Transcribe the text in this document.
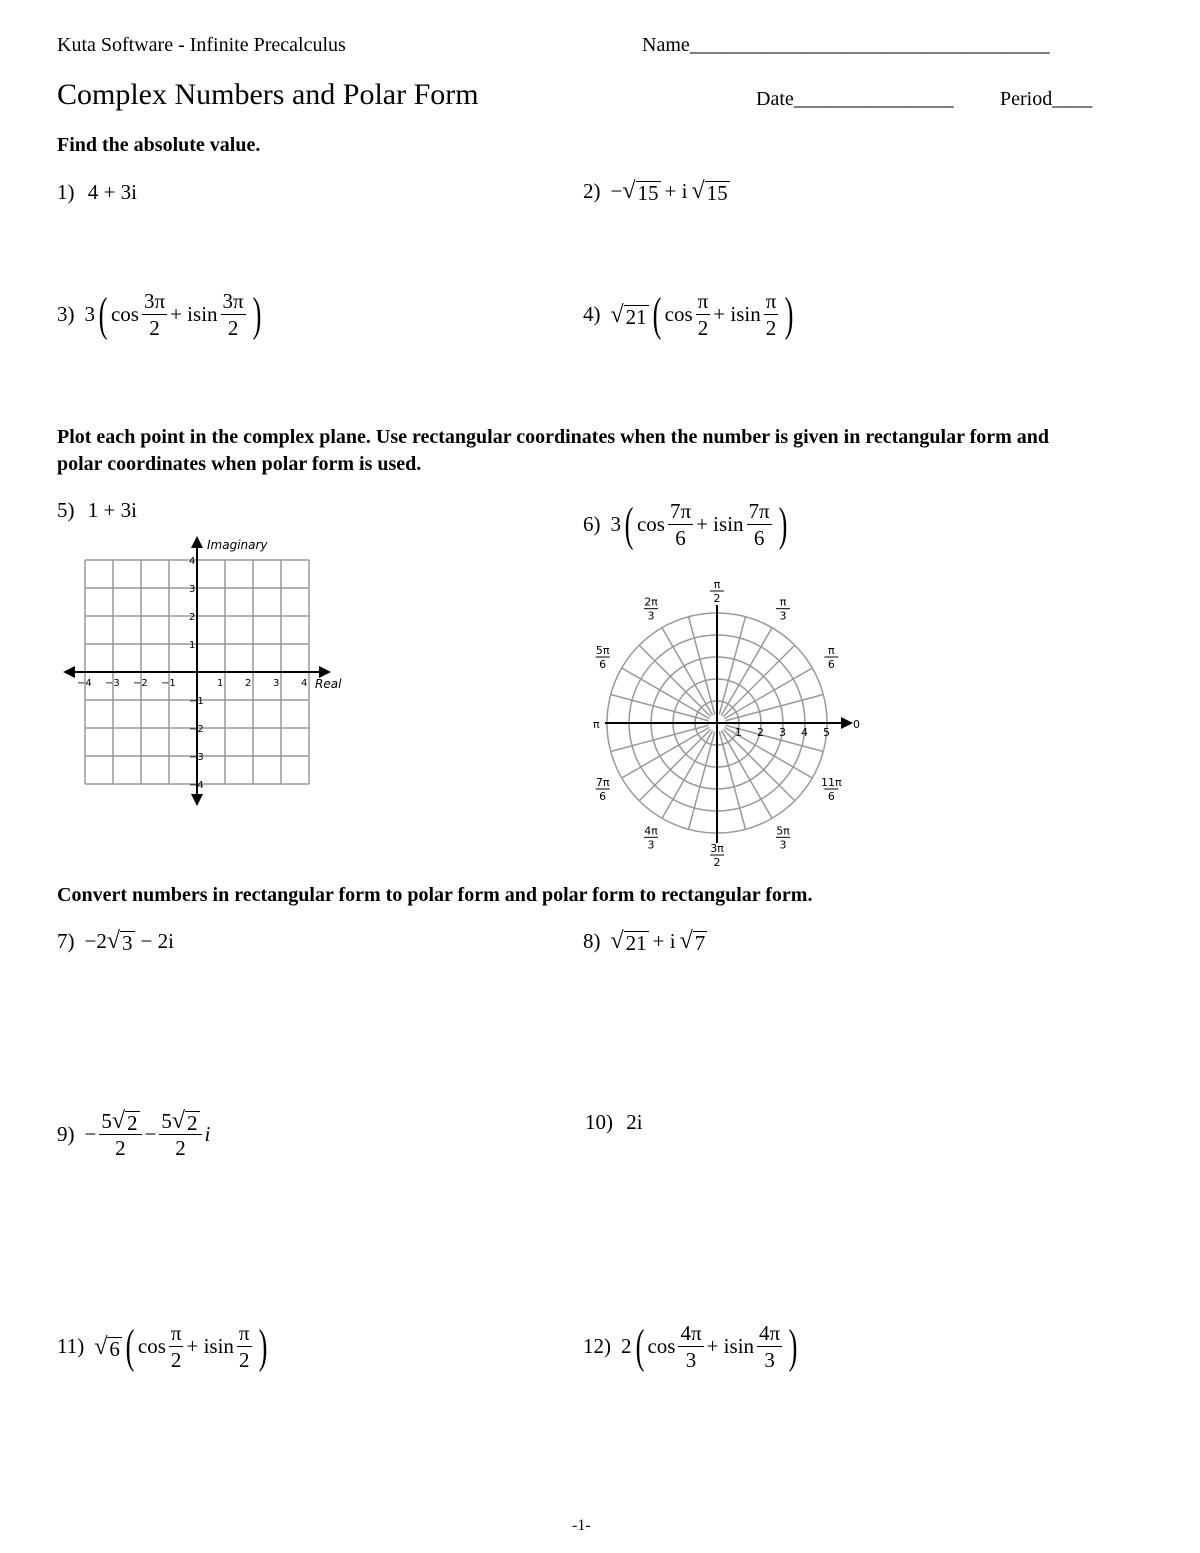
Kuta Software - Infinite Precalculus	Name____________________________________
Complex Numbers and Polar Form	Date________________ Period____
Find the absolute value.
1) 4 + 3i	2) − √ 15 + i √ 15
3) 3 ( $\cos \frac{3\pi}{2} + isin \frac{3\pi}{2}$ )	4) √ 21 ( $\cos \frac{\pi}{2} + isin \frac{\pi}{2}$ )
Plot each point in the complex plane. Use rectangular coordinates when the number is given in rectangular form and polar coordinates when polar form is used.
5) 1 + 3i
6) 3 ( $\cos \frac{7\pi}{6} + isin \frac{7\pi}{6}$ )
Imaginary
Real
−4 −3 −2 −1	1 2 3 4
4
3
2
1
−1
−2
−3
−4
0
π
1 2 3 4 5
π
2	π
3
π
6
2π
3
5π
6
7π
6
4π
3	3π
2
5π
3
11π
6
Convert numbers in rectangular form to polar form and polar form to rectangular form.
7) −2 √ 3 − 2i	8) √ 21 + i √ 7
$9) - \frac{5 √ 2}{2} - \frac{5 √ 2}{2}$ i	10) 2i
11) √ 6 ( $\cos \frac{\pi}{2} + isin \frac{\pi}{2}$ )	12) 2 ( $\cos \frac{4\pi}{3} + isin \frac{4\pi}{3}$ )
-1-
